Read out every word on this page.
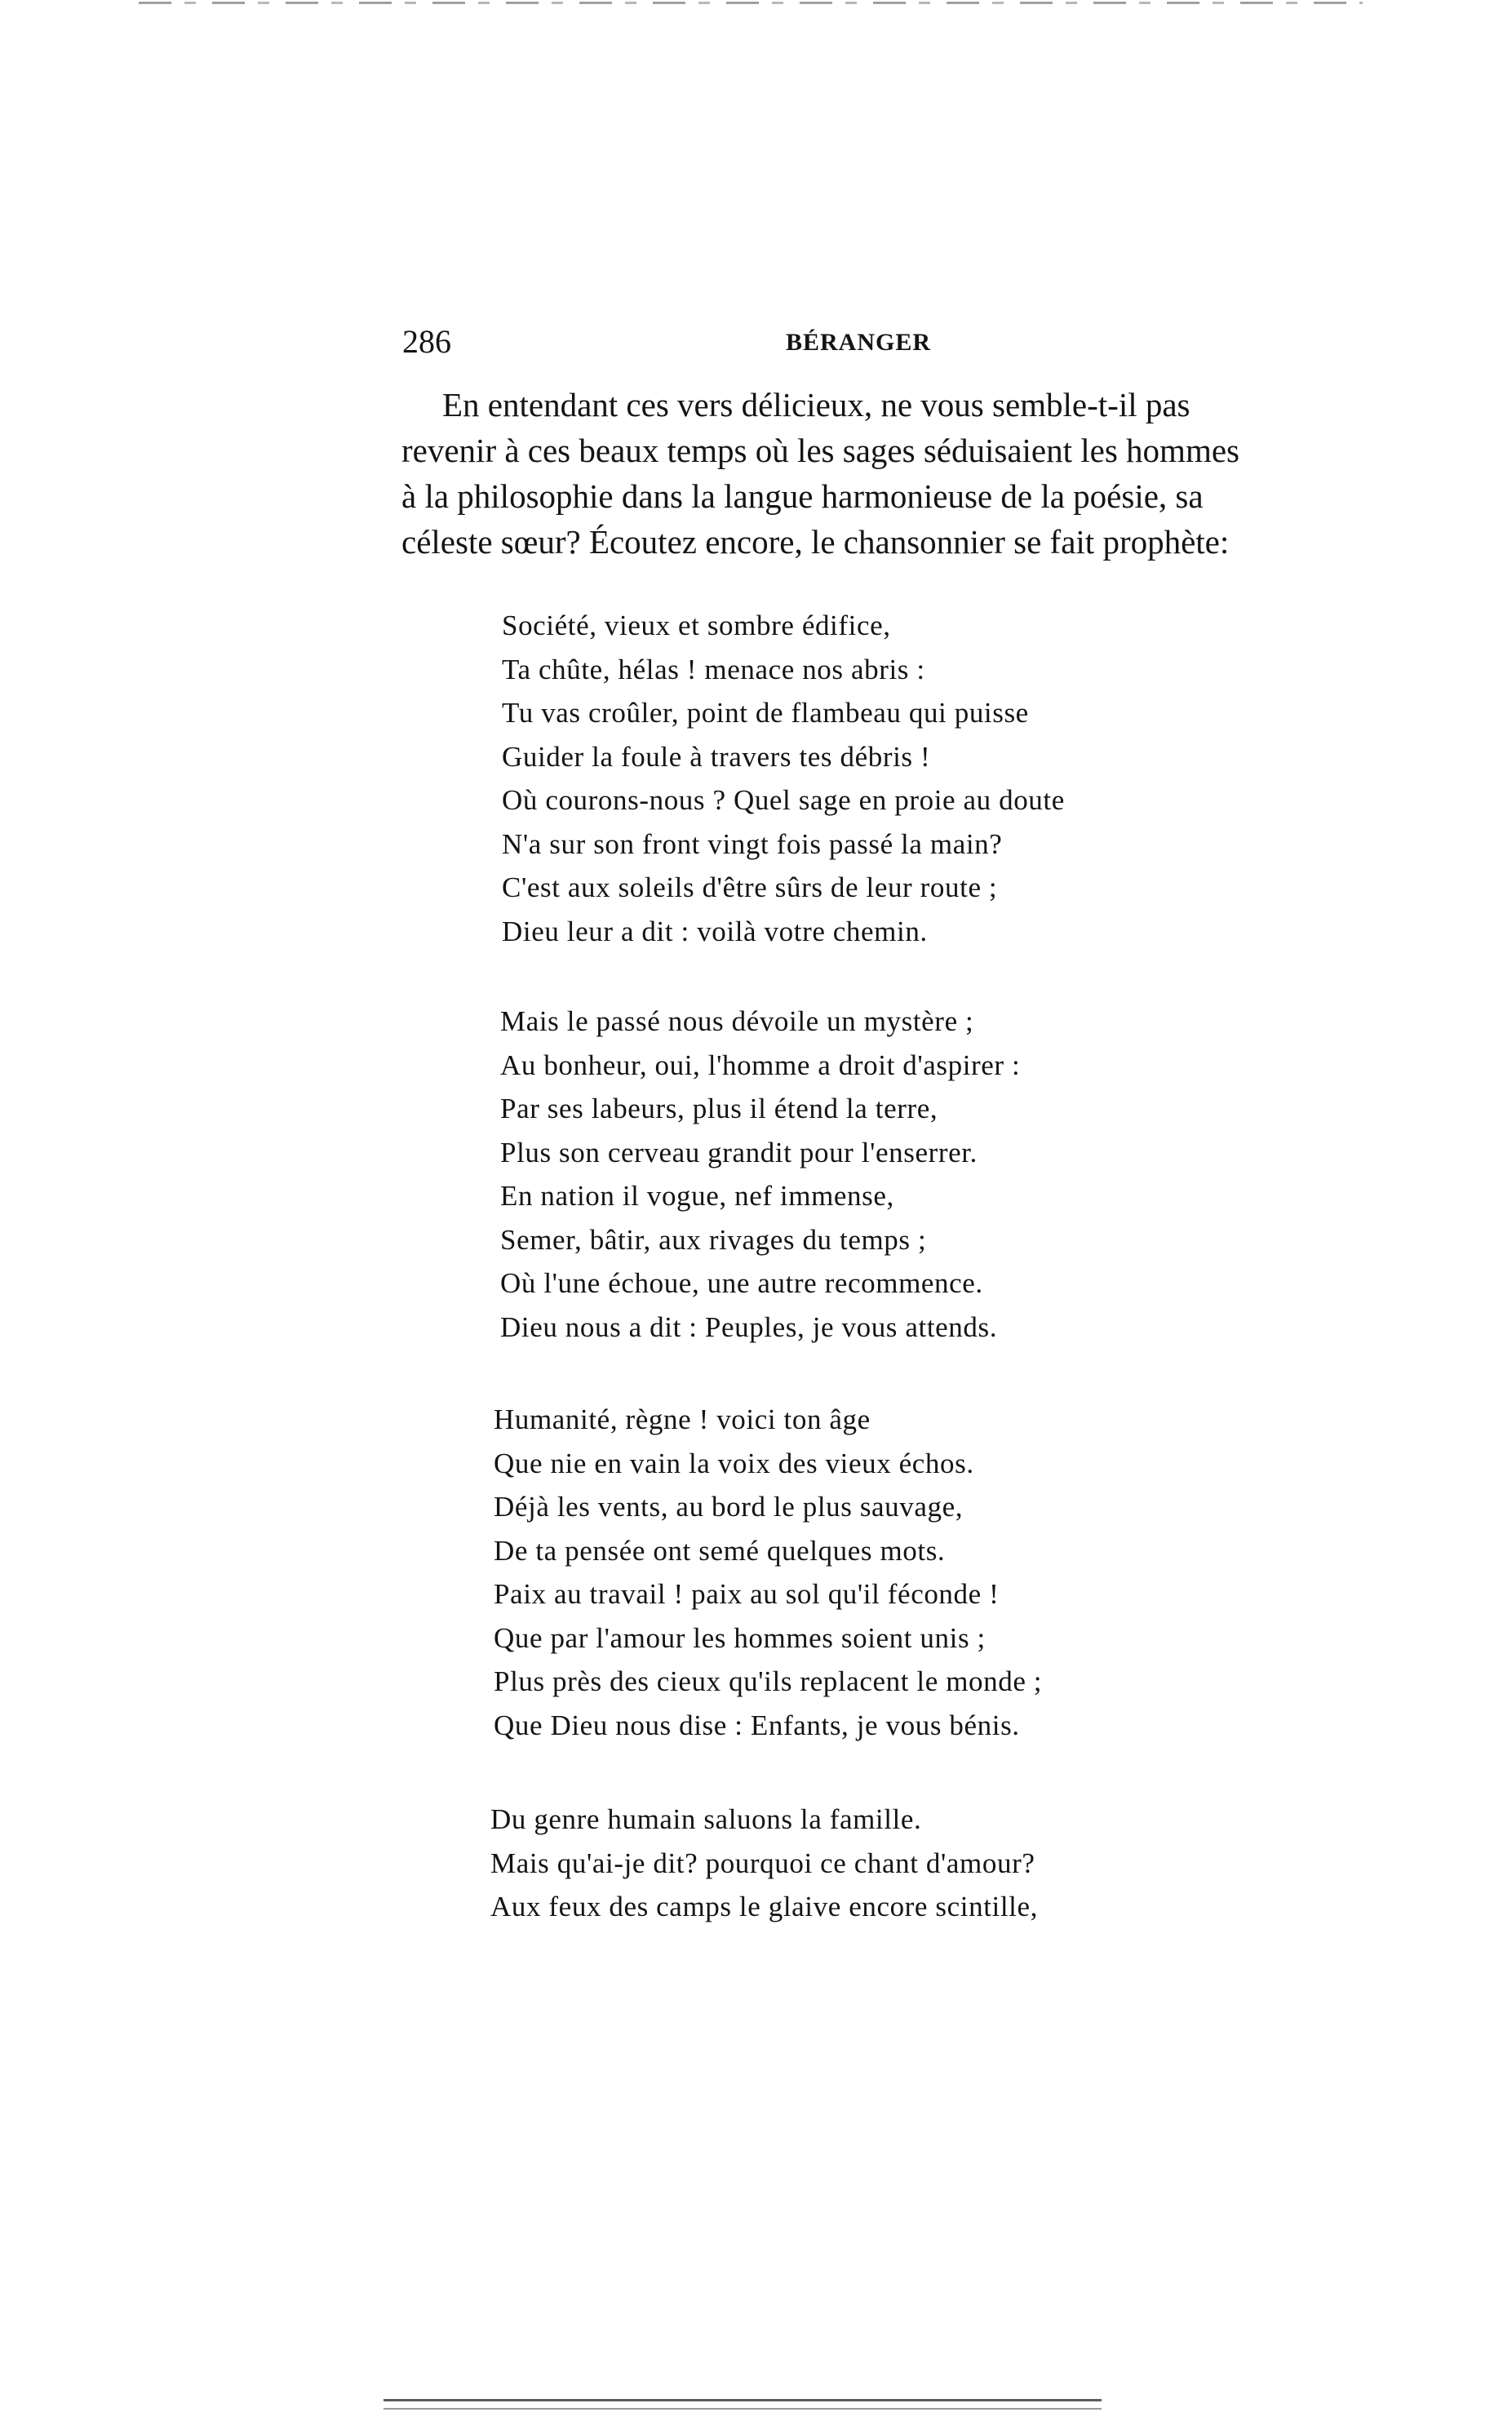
286	BÉRANGER
En entendant ces vers délicieux, ne vous semble-t-il pas
revenir à ces beaux temps où les sages séduisaient les hommes
à la philosophie dans la langue harmonieuse de la poésie, sa
céleste sœur? Écoutez encore, le chansonnier se fait prophète:
Société, vieux et sombre édifice,
Ta chûte, hélas ! menace nos abris :
Tu vas croûler, point de flambeau qui puisse
Guider la foule à travers tes débris !
Où courons-nous ? Quel sage en proie au doute
N'a sur son front vingt fois passé la main?
C'est aux soleils d'être sûrs de leur route ;
Dieu leur a dit : voilà votre chemin.
Mais le passé nous dévoile un mystère ;
Au bonheur, oui, l'homme a droit d'aspirer :
Par ses labeurs, plus il étend la terre,
Plus son cerveau grandit pour l'enserrer.
En nation il vogue, nef immense,
Semer, bâtir, aux rivages du temps ;
Où l'une échoue, une autre recommence.
Dieu nous a dit : Peuples, je vous attends.
Humanité, règne ! voici ton âge
Que nie en vain la voix des vieux échos.
Déjà les vents, au bord le plus sauvage,
De ta pensée ont semé quelques mots.
Paix au travail ! paix au sol qu'il féconde !
Que par l'amour les hommes soient unis ;
Plus près des cieux qu'ils replacent le monde ;
Que Dieu nous dise : Enfants, je vous bénis.
Du genre humain saluons la famille.
Mais qu'ai-je dit? pourquoi ce chant d'amour?
Aux feux des camps le glaive encore scintille,
